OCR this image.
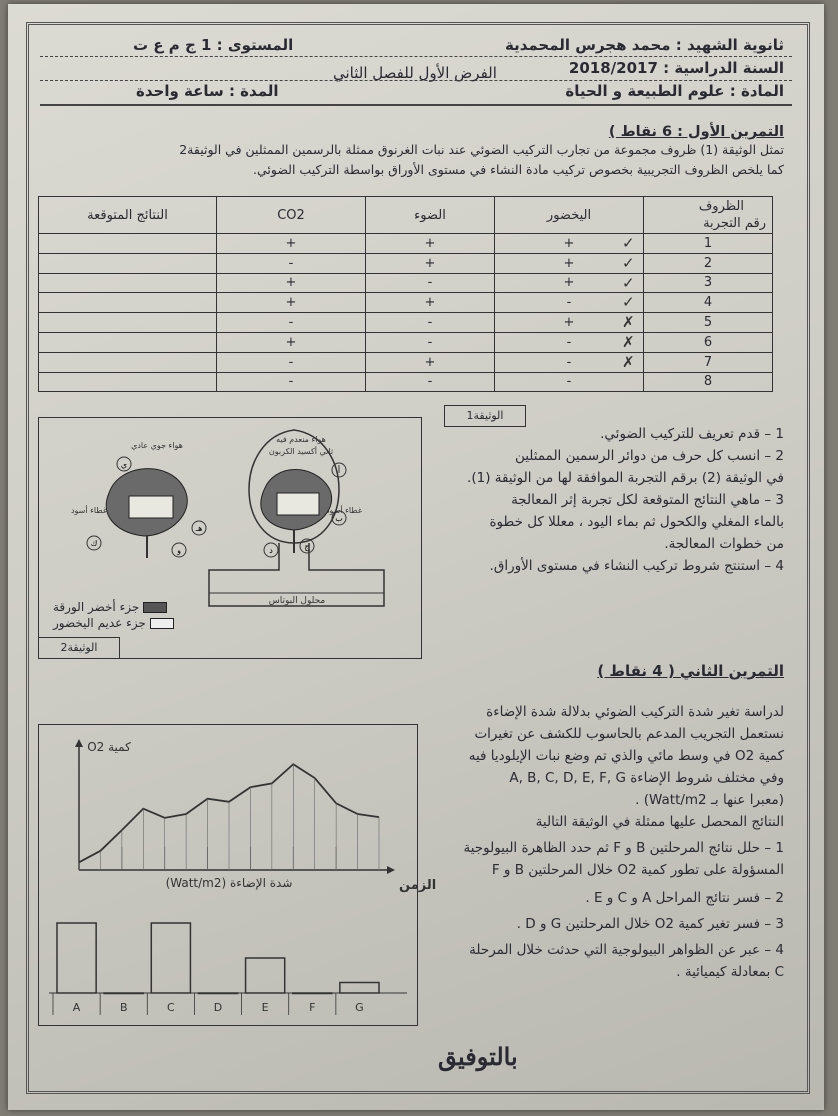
ثانوية الشهيد : محمد هجرس المحمدية
المستوى : 1 ج م ع ت
السنة الدراسية : 2018/2017
الفرض الأول للفصل الثاني
المادة : علوم الطبيعة و الحياة
المدة : ساعة واحدة
التمرين الأول : 6 نقاط )
تمثل الوثيقة (1) ظروف مجموعة من تجارب التركيب الضوئي عند نبات الغرنوق ممثلة بالرسمين الممثلين في الوثيقة2
كما يلخص الظروف التجريبية بخصوص تركيب مادة النشاء في مستوى الأوراق بواسطة التركيب الضوئي.
الظروف
رقم التجربة	اليخضور	الضوء	CO2	النتائج المتوقعة

✓ 1	+	+	+	

✓ 2	+	+	-	

✓ 3	+	-	+	

✓ 4	-	+	+	

✗ 5	+	-	-	

✗ 6	-	-	+	

✗ 7	-	+	-	

8	-	-	-	
الوثيقة1
1 – قدم تعريف للتركيب الضوئي.
2 – انسب كل حرف من دوائر الرسمين الممثلين
في الوثيقة (2) برقم التجربة الموافقة لها من الوثيقة (1).
3 – ماهي النتائج المتوقعة لكل تجربة إثر المعالجة
بالماء المغلي والكحول ثم بماء اليود ، معللا كل خطوة
من خطوات المعالجة.
4 – استنتج شروط تركيب النشاء في مستوى الأوراق.
محلول البوتاس
هواء منعدم فيه
ثاني أكسيد الكربون
غطاء أسود
هواء جوي عادي
غطاء أسود
أ
ب
ج
د
هـ
و
ي
ك
جزء أخضر الورقة
جزء عديم اليخضور
الوثيقة2
التمرين الثاني ( 4 نقاط )
لدراسة تغير شدة التركيب الضوئي بدلالة شدة الإضاءة
نستعمل التجريب المدعم بالحاسوب للكشف عن تغيرات
كمية O2 في وسط مائي والذي تم وضع نبات الإيلوديا فيه
وفي مختلف شروط الإضاءة A, B, C, D, E, F, G
(معبرا عنها بـ Watt/m2) .
النتائج المحصل عليها ممثلة في الوثيقة التالية
1 – حلل نتائج المرحلتين B و F ثم حدد الظاهرة البيولوجية
المسؤولة على تطور كمية O2 خلال المرحلتين B و F
2 – فسر نتائج المراحل A و C و E .
3 – فسر تغير كمية O2 خلال المرحلتين G و D .
4 – عبر عن الظواهر البيولوجية التي حدثت خلال المرحلة
C بمعادلة كيميائية .
كمية O2
شدة الإضاءة (Watt/m2)	الزمن
A	B	C	D	E	F	G
بالتوفيق
